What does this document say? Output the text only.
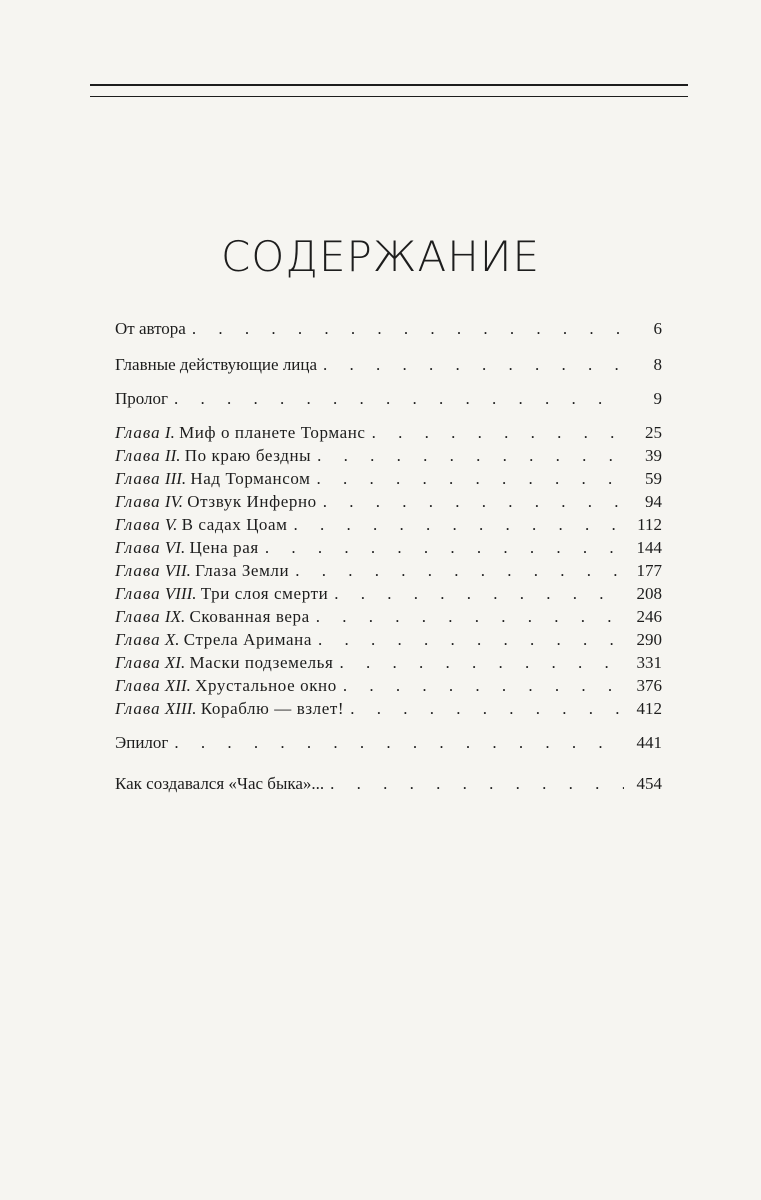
СОДЕРЖАНИЕ
От автора . . .	6
Главные действующие лица . . .	8
Пролог . . .	9
Глава I. Миф о планете Торманс . . .	25
Глава II. По краю бездны . . .	39
Глава III. Над Тормансом . . .	59
Глава IV. Отзвук Инферно . . .	94
Глава V. В садах Цоам . . .	112
Глава VI. Цена рая . . .	144
Глава VII. Глаза Земли . . .	177
Глава VIII. Три слоя смерти . . .	208
Глава IX. Скованная вера . . .	246
Глава X. Стрела Аримана . . .	290
Глава XI. Маски подземелья . . .	331
Глава XII. Хрустальное окно . . .	376
Глава XIII. Кораблю — взлет! . . .	412
Эпилог . . .	441
Как создавался «Час быка»... . . .	454
